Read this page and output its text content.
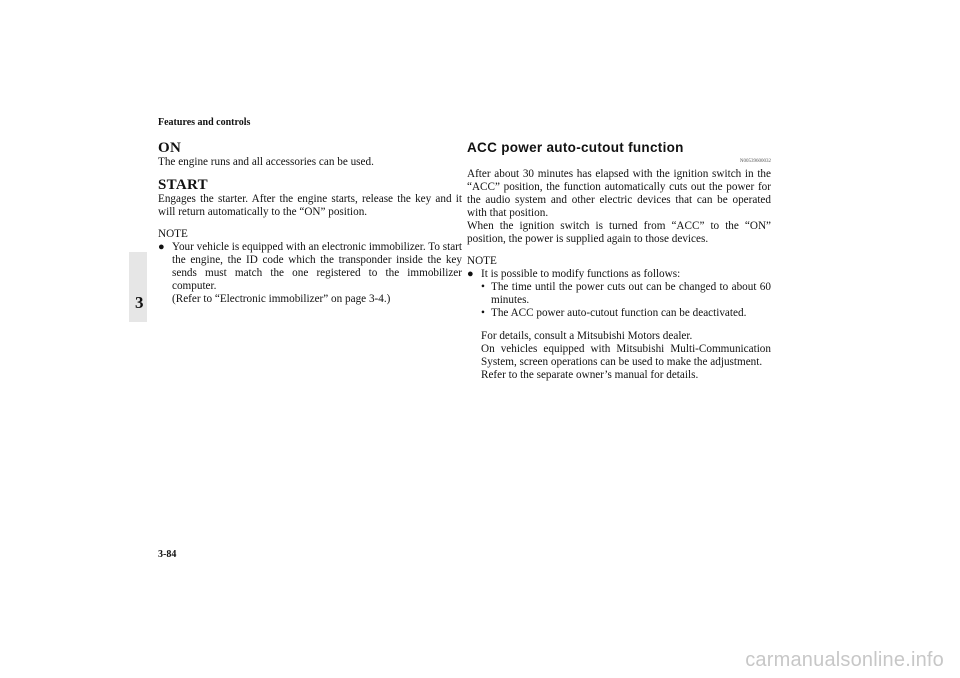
Features and controls
3
ON

The engine runs and all accessories can be used.

START

Engages the starter. After the engine starts, release the key and it will return automatically to the “ON” position.

NOTE
● Your vehicle is equipped with an electronic immobilizer. To start the engine, the ID code which the transponder inside the key sends must match the one registered to the immobilizer computer.

(Refer to “Electronic immobilizer” on page 3-4.)

ACC power auto-cutout function
N00539600032

After about 30 minutes has elapsed with the ignition switch in the “ACC” position, the function automatically cuts out the power for the audio system and other electric devices that can be operated with that position.

When the ignition switch is turned from “ACC” to the “ON” position, the power is supplied again to those devices.

NOTE
● It is possible to modify functions as follows:

• The time until the power cuts out can be changed to about 60 minutes.

• The ACC power auto-cutout function can be deactivated.

For details, consult a Mitsubishi Motors dealer.

On vehicles equipped with Mitsubishi Multi-Communication System, screen operations can be used to make the adjustment.

Refer to the separate owner’s manual for details.

3-84
carmanualsonline.info
